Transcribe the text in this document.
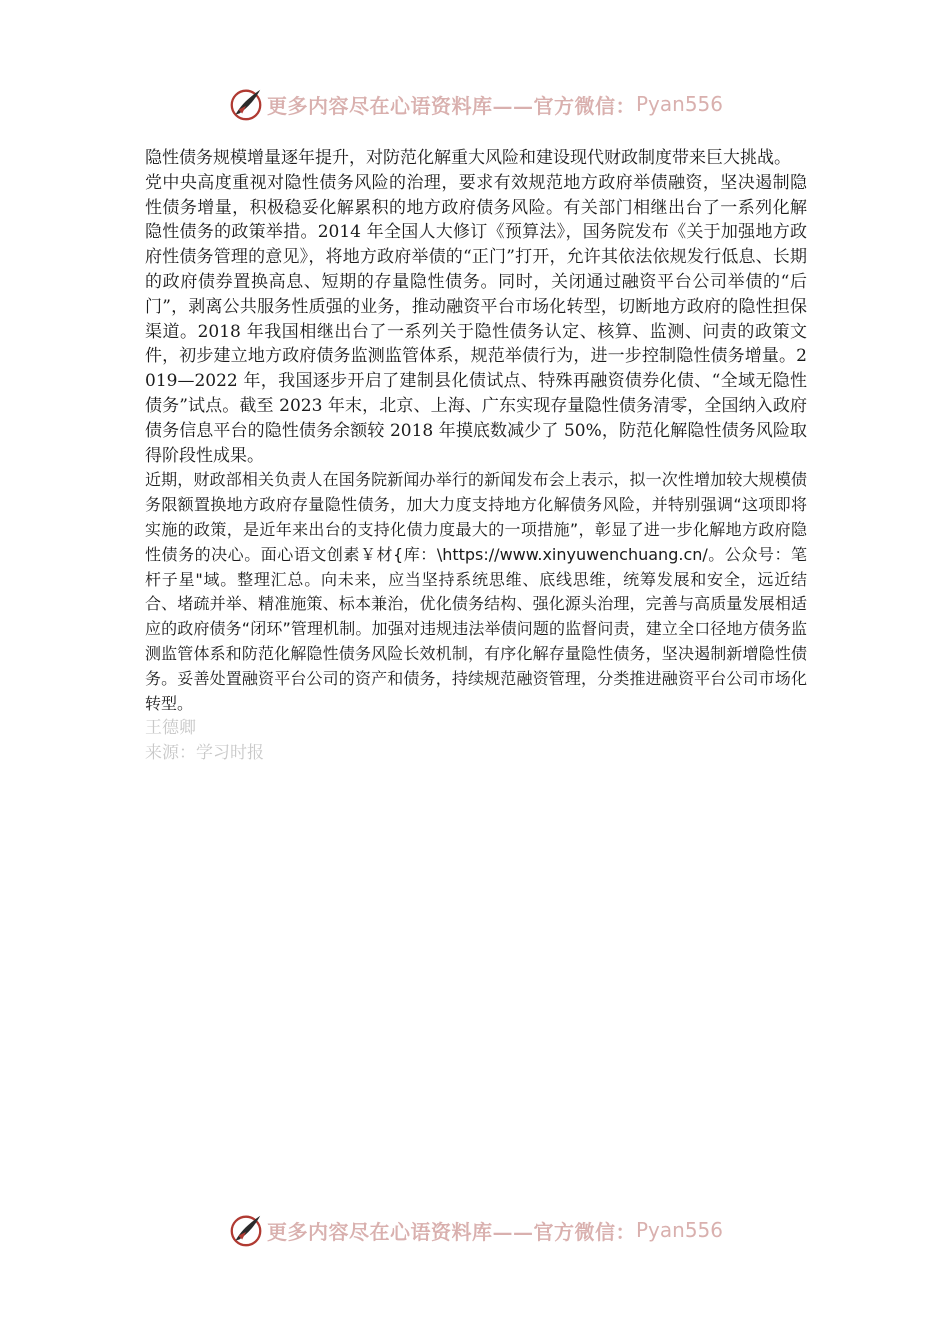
更多内容尽在心语资料库——官方微信： Pyan556

隐性债务规模增量逐年提升，对防范化解重大风险和建设现代财政制度带来巨大挑战。

党中央高度重视对隐性债务风险的治理，要求有效规范地方政府举债融资，坚决遏制隐性债务增量，积极稳妥化解累积的地方政府债务风险。有关部门相继出台了一系列化解隐性债务的政策举措。2014 年全国人大修订《预算法》，国务院发布《关于加强地方政府性债务管理的意见》，将地方政府举债的“正门”打开，允许其依法依规发行低息、长期的政府债券置换高息、短期的存量隐性债务。同时，关闭通过融资平台公司举债的“后门”，剥离公共服务性质强的业务，推动融资平台市场化转型，切断地方政府的隐性担保渠道。2018 年我国相继出台了一系列关于隐性债务认定、核算、监测、问责的政策文件，初步建立地方政府债务监测监管体系，规范举债行为，进一步控制隐性债务增量。2019—2022 年，我国逐步开启了建制县化债试点、特殊再融资债券化债、“全域无隐性债务”试点。截至 2023 年末，北京、上海、广东实现存量隐性债务清零，全国纳入政府债务信息平台的隐性债务余额较 2018 年摸底数减少了 50%，防范化解隐性债务风险取得阶段性成果。

近期，财政部相关负责人在国务院新闻办举行的新闻发布会上表示，拟一次性增加较大规模债务限额置换地方政府存量隐性债务，加大力度支持地方化解债务风险，并特别强调“这项即将实施的政策，是近年来出台的支持化债力度最大的一项措施”，彰显了进一步化解地方政府隐性债务的决心。面心语文创素￥材{库：\https://www.xinyuwenchuang.cn/。公众号：笔杆子星"域。整理汇总。向未来，应当坚持系统思维、底线思维，统筹发展和安全，远近结合、堵疏并举、精准施策、标本兼治，优化债务结构、强化源头治理，完善与高质量发展相适应的政府债务“闭环”管理机制。加强对违规违法举债问题的监督问责，建立全口径地方债务监测监管体系和防范化解隐性债务风险长效机制，有序化解存量隐性债务，坚决遏制新增隐性债务。妥善处置融资平台公司的资产和债务，持续规范融资管理，分类推进融资平台公司市场化转型。

王德卿

来源：学习时报

更多内容尽在心语资料库——官方微信： Pyan556
